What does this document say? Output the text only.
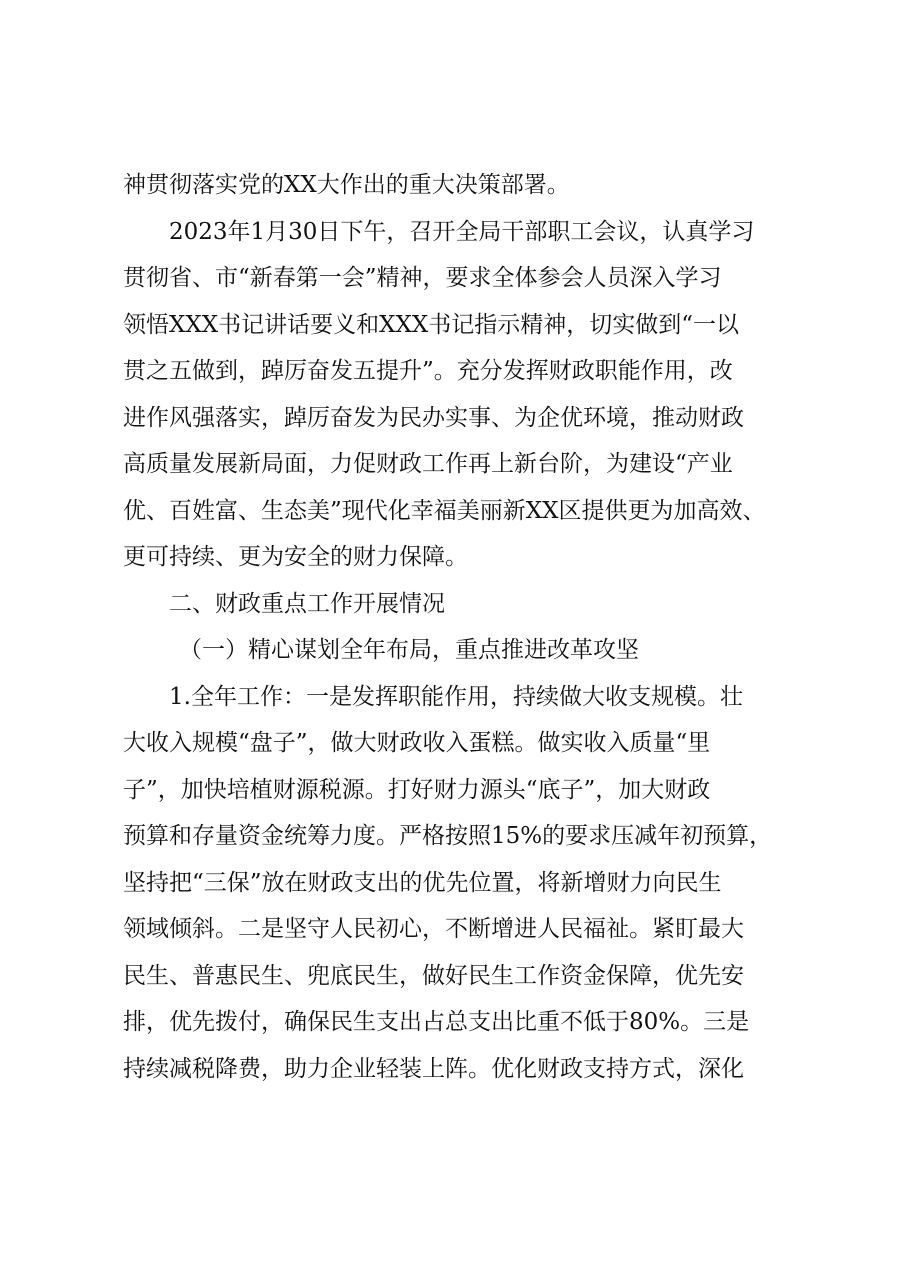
神贯彻落实党的XX大作出的重大决策部署。
2023年1月30日下午，召开全局干部职工会议，认真学习
贯彻省、市“新春第一会”精神，要求全体参会人员深入学习
领悟XXX书记讲话要义和XXX书记指示精神，切实做到“一以
贯之五做到，踔厉奋发五提升”。充分发挥财政职能作用，改
进作风强落实，踔厉奋发为民办实事、为企优环境，推动财政
高质量发展新局面，力促财政工作再上新台阶，为建设“产业
优、百姓富、生态美”现代化幸福美丽新XX区提供更为加高效、
更可持续、更为安全的财力保障。
二、财政重点工作开展情况
（一）精心谋划全年布局，重点推进改革攻坚
1.全年工作：一是发挥职能作用，持续做大收支规模。壮
大收入规模“盘子”，做大财政收入蛋糕。做实收入质量“里
子”，加快培植财源税源。打好财力源头“底子”，加大财政
预算和存量资金统筹力度。严格按照15%的要求压减年初预算，
坚持把“三保”放在财政支出的优先位置，将新增财力向民生
领域倾斜。二是坚守人民初心，不断增进人民福祉。紧盯最大
民生、普惠民生、兜底民生，做好民生工作资金保障，优先安
排，优先拨付，确保民生支出占总支出比重不低于80%。三是
持续减税降费，助力企业轻装上阵。优化财政支持方式，深化
